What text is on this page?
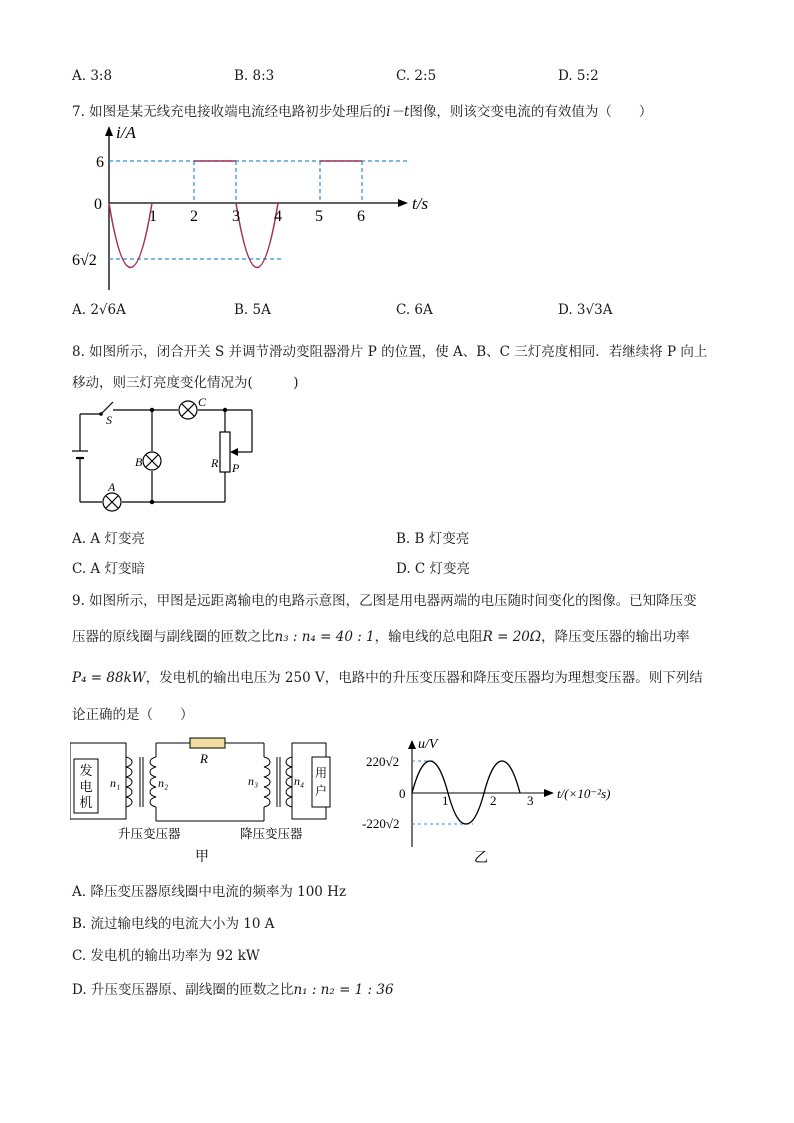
A. 3:8	B. 8:3	C. 2:5	D. 5:2
7. 如图是某无线充电接收端电流经电路初步处理后的i－t图像，则该交变电流的有效值为（　　）
i/A
t/s
6
0
6√2
1 2 3 4 5 6
A. 2√6A	B. 5A	C. 6A	D. 3√3A
8. 如图所示，闭合开关 S 并调节滑动变阻器滑片 P 的位置，使 A、B、C 三灯亮度相同．若继续将 P 向上
移动，则三灯亮度变化情况为(　　　)
S
C
B
A
R P
A. A 灯变亮	B. B 灯变亮
C. A 灯变暗	D. C 灯变亮
9. 如图所示，甲图是远距离输电的电路示意图，乙图是用电器两端的电压随时间变化的图像。已知降压变
压器的原线圈与副线圈的匝数之比n₃ : n₄ = 40 : 1，输电线的总电阻R = 20Ω，降压变压器的输出功率
P₄ = 88kW，发电机的输出电压为 250 V，电路中的升压变压器和降压变压器均为理想变压器。则下列结
论正确的是（　　）
发
电
机
用
户
R
n₁	n₂	n₃	n₄
升压变压器	降压变压器
甲
u/V
t/(×10⁻²s)
220√2
0
-220√2
1	2 3
乙
A. 降压变压器原线圈中电流的频率为 100 Hz
B. 流过输电线的电流大小为 10 A
C. 发电机的输出功率为 92 kW
D. 升压变压器原、副线圈的匝数之比n₁ : n₂ = 1 : 36
